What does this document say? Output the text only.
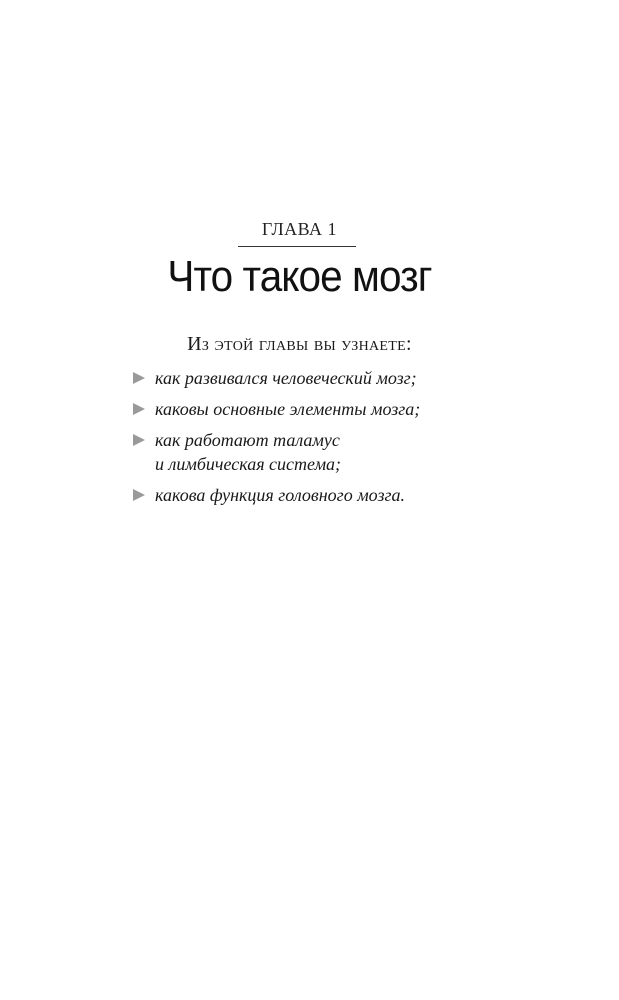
ГЛАВА 1
Что такое мозг
Из этой главы вы узнаете:
как развивался человеческий мозг;
каковы основные элементы мозга;
как работают таламус
и лимбическая система;
какова функция головного мозга.
